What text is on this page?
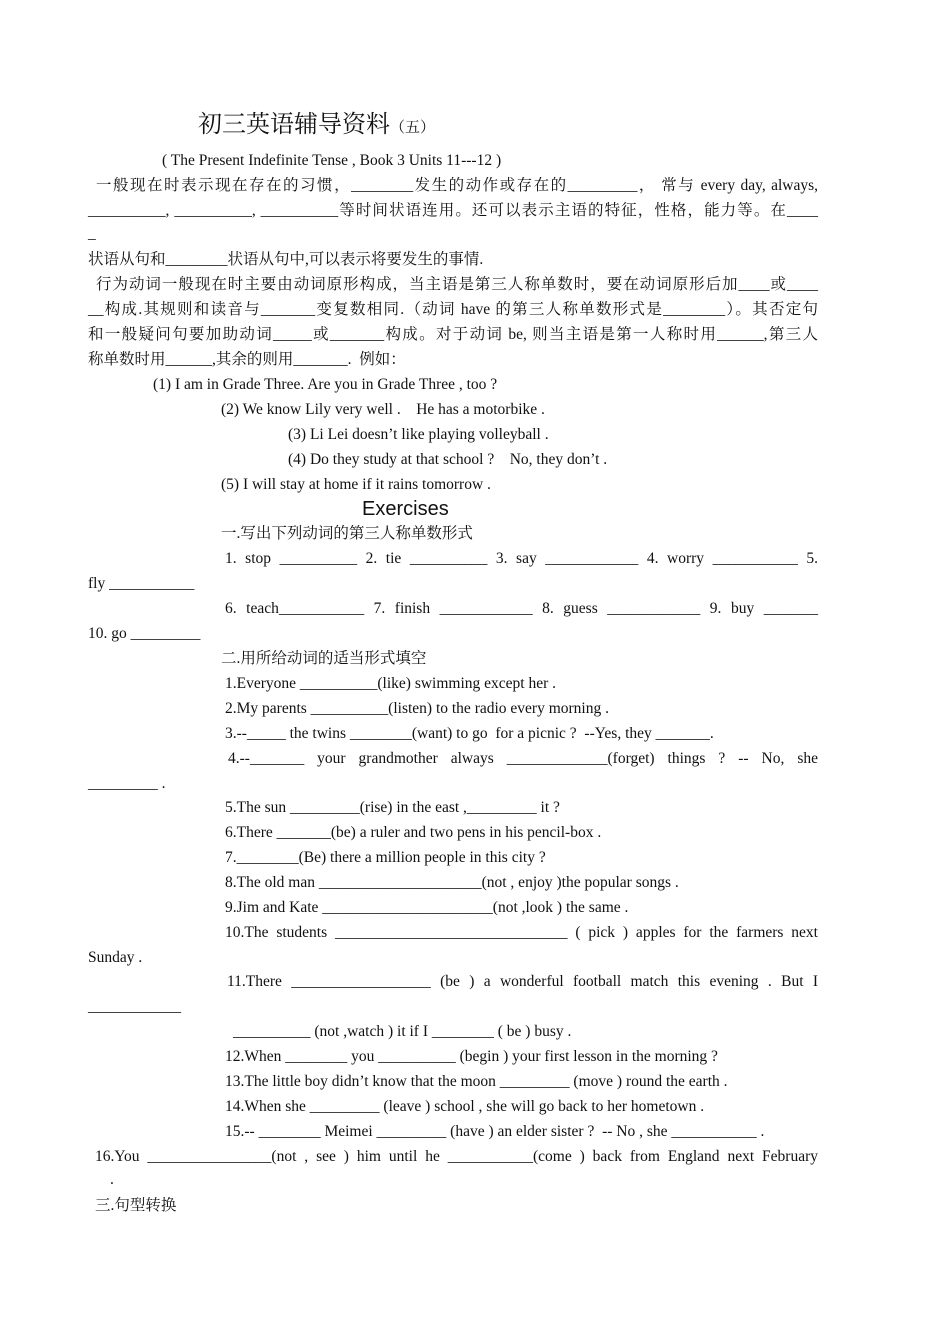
初三英语辅导资料（五）
( The Present Indefinite Tense , Book 3 Units 11---12 )
一般现在时表示现在存在的习惯，________发生的动作或存在的_________， 常与 every day, always,
__________, __________, __________等时间状语连用。还可以表示主语的特征，性格，能力等。在____
_
状语从句和________状语从句中,可以表示将要发生的事情.
行为动词一般现在时主要由动词原形构成，当主语是第三人称单数时，要在动词原形后加____或____
__构成.其规则和读音与_______变复数相同.（动词 have 的第三人称单数形式是________）。其否定句
和一般疑问句要加助动词_____或_______构成。对于动词 be, 则当主语是第一人称时用______,第三人
称单数时用______,其余的则用_______.  例如：
(1) I am in Grade Three. Are you in Grade Three , too ?
(2) We know Lily very well .    He has a motorbike .
(3) Li Lei doesn’t like playing volleyball .
(4) Do they study at that school ?    No, they don’t .
(5) I will stay at home if it rains tomorrow .
Exercises
一.写出下列动词的第三人称单数形式
1. stop __________ 2. tie __________ 3. say ____________ 4. worry ___________ 5.
fly ___________
6. teach___________ 7. finish ____________ 8. guess ____________ 9. buy _______
10. go _________
二.用所给动词的适当形式填空
1.Everyone __________(like) swimming except her .
2.My parents __________(listen) to the radio every morning .
3.--_____ the twins ________(want) to go  for a picnic ?  --Yes, they _______.
4.--_______ your grandmother always _____________(forget) things ? -- No, she
_________ .
5.The sun _________(rise) in the east ,_________ it ?
6.There _______(be) a ruler and two pens in his pencil-box .
7.________(Be) there a million people in this city ?
8.The old man _____________________(not , enjoy )the popular songs .
9.Jim and Kate ______________________(not ,look ) the same .
10.The students ______________________________ ( pick ) apples for the farmers next
Sunday .
11.There __________________ (be ) a wonderful football match this evening . But I
____________
__________ (not ,watch ) it if I ________ ( be ) busy .
12.When ________ you __________ (begin ) your first lesson in the morning ?
13.The little boy didn’t know that the moon _________ (move ) round the earth .
14.When she _________ (leave ) school , she will go back to her hometown .
15.-- ________ Meimei _________ (have ) an elder sister ?  -- No , she ___________ .
16.You ________________(not , see ) him until he ___________(come ) back from England next February
.
三.句型转换
